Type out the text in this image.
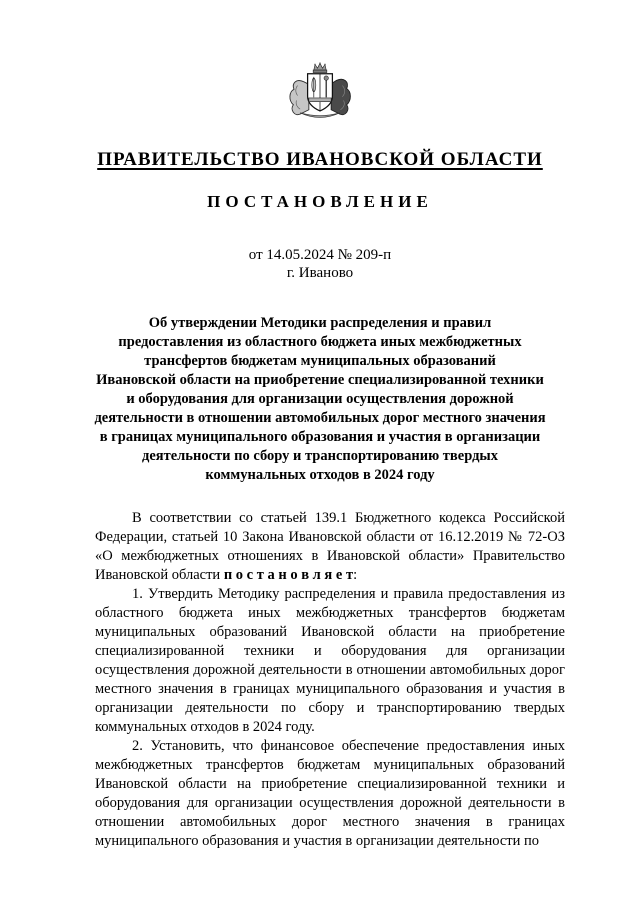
ПРАВИТЕЛЬСТВО ИВАНОВСКОЙ ОБЛАСТИ
ПОСТАНОВЛЕНИЕ
от 14.05.2024 № 209-п
г. Иваново
Об утверждении Методики распределения и правил
предоставления из областного бюджета иных межбюджетных
трансфертов бюджетам муниципальных образований
Ивановской области на приобретение специализированной техники
и оборудования для организации осуществления дорожной
деятельности в отношении автомобильных дорог местного значения
в границах муниципального образования и участия в организации
деятельности по сбору и транспортированию твердых
коммунальных отходов в 2024 году

В соответствии со статьей 139.1 Бюджетного кодекса Российской Федерации, статьей 10 Закона Ивановской области от 16.12.2019 № 72-ОЗ «О межбюджетных отношениях в Ивановской области» Правительство Ивановской области п о с т а н о в л я е т:

1. Утвердить Методику распределения и правила предоставления из областного бюджета иных межбюджетных трансфертов бюджетам муниципальных образований Ивановской области на приобретение специализированной техники и оборудования для организации осуществления дорожной деятельности в отношении автомобильных дорог местного значения в границах муниципального образования и участия в организации деятельности по сбору и транспортированию твердых коммунальных отходов в 2024 году.

2. Установить, что финансовое обеспечение предоставления иных межбюджетных трансфертов бюджетам муниципальных образований Ивановской области на приобретение специализированной техники и оборудования для организации осуществления дорожной деятельности в отношении автомобильных дорог местного значения в границах муниципального образования и участия в организации деятельности по
